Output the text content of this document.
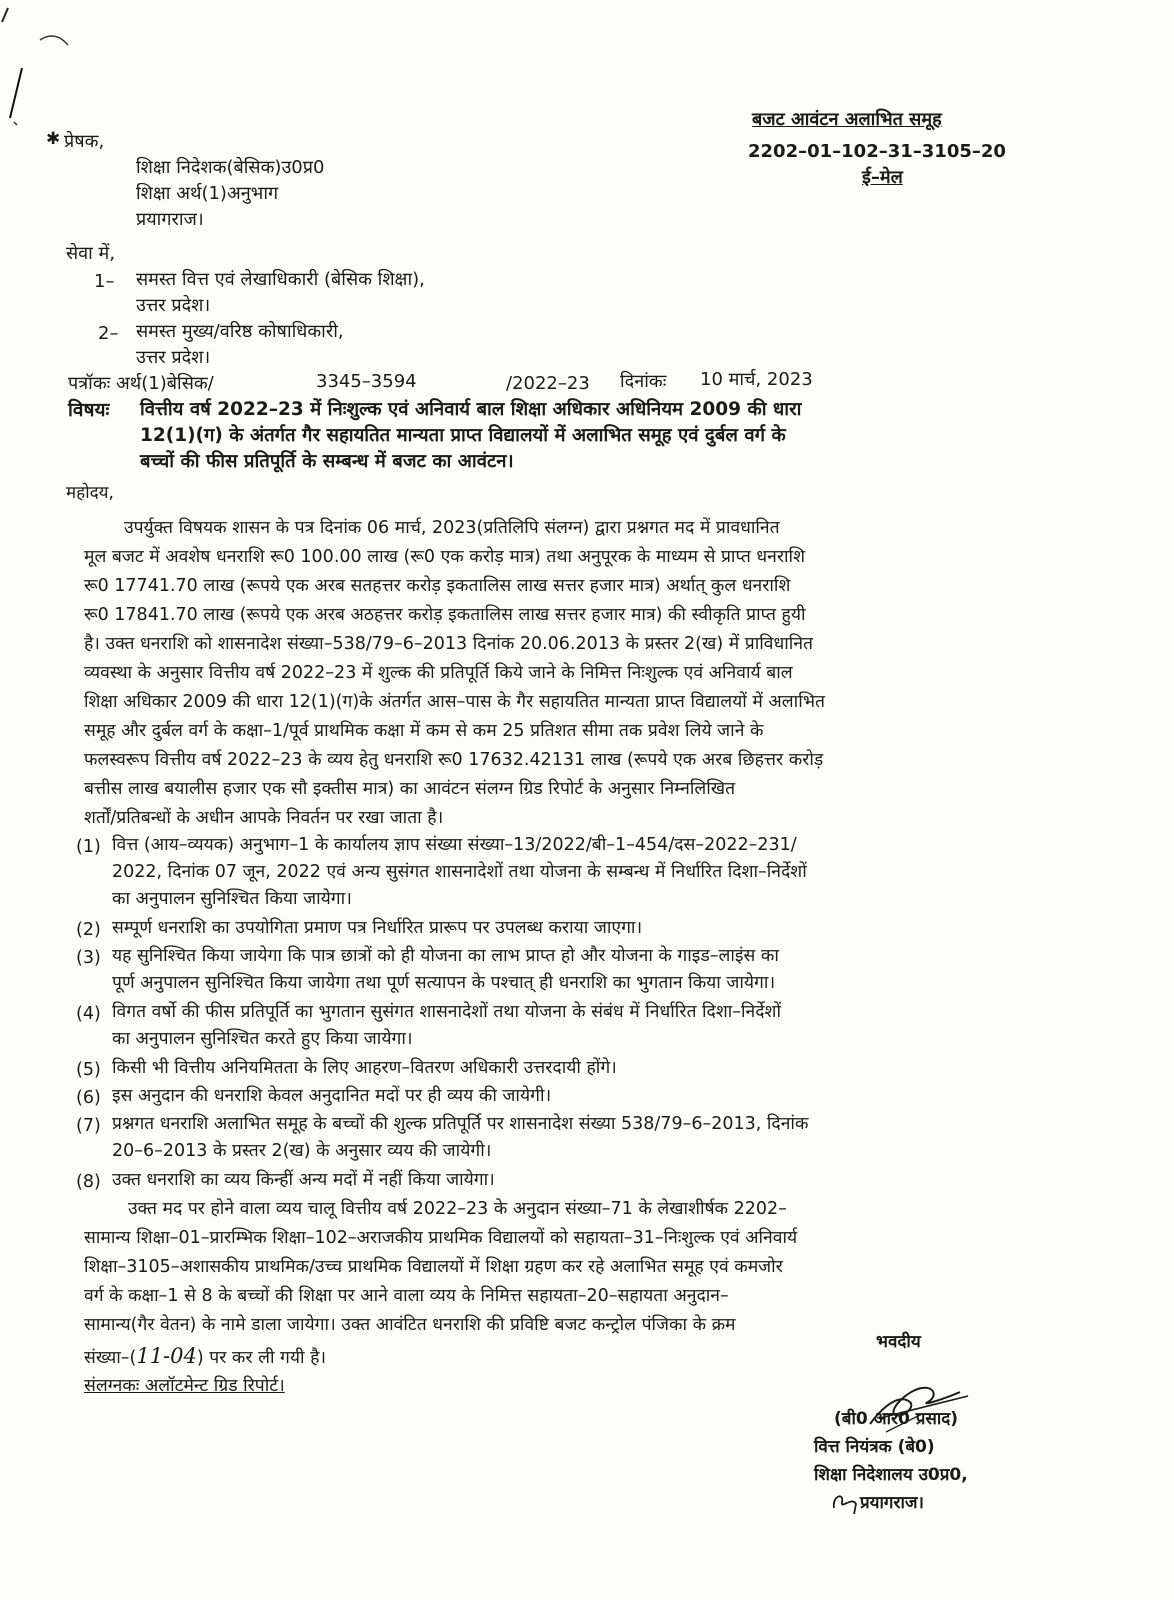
बजट आवंटन अलाभित समूह
2202–01–102–31–3105–20
ई–मेल
✱ प्रेषक,
शिक्षा निदेशक(बेसिक)उ0प्र0
शिक्षा अर्थ(1)अनुभाग
प्रयागराज।
सेवा में,
1– समस्त वित्त एवं लेखाधिकारी (बेसिक शिक्षा),
उत्तर प्रदेश।
2– समस्त मुख्य/वरिष्ठ कोषाधिकारी,
उत्तर प्रदेश।
पत्रॉकः अर्थ(1)बेसिक/	3345–3594	/2022–23 दिनांकः 10 मार्च, 2023
विषयः वित्तीय वर्ष 2022–23 में निःशुल्क एवं अनिवार्य बाल शिक्षा अधिकार अधिनियम 2009 की धारा
12(1)(ग) के अंतर्गत गैर सहायतित मान्यता प्राप्त विद्यालयों में अलाभित समूह एवं दुर्बल वर्ग के
बच्चों की फीस प्रतिपूर्ति के सम्बन्ध में बजट का आवंटन।
महोदय,
उपर्युक्त विषयक शासन के पत्र दिनांक 06 मार्च, 2023(प्रतिलिपि संलग्न) द्वारा प्रश्नगत मद में प्रावधानित
मूल बजट में अवशेष धनराशि रू0 100.00 लाख (रू0 एक करोड़ मात्र) तथा अनुपूरक के माध्यम से प्राप्त धनराशि
रू0 17741.70 लाख (रूपये एक अरब सतहत्तर करोड़ इकतालिस लाख सत्तर हजार मात्र) अर्थात् कुल धनराशि
रू0 17841.70 लाख (रूपये एक अरब अठहत्तर करोड़ इकतालिस लाख सत्तर हजार मात्र) की स्वीकृति प्राप्त हुयी
है। उक्त धनराशि को शासनादेश संख्या–538/79–6–2013 दिनांक 20.06.2013 के प्रस्तर 2(ख) में प्राविधानित
व्यवस्था के अनुसार वित्तीय वर्ष 2022–23 में शुल्क की प्रतिपूर्ति किये जाने के निमित्त निःशुल्क एवं अनिवार्य बाल
शिक्षा अधिकार 2009 की धारा 12(1)(ग)के अंतर्गत आस–पास के गैर सहायतित मान्यता प्राप्त विद्यालयों में अलाभित
समूह और दुर्बल वर्ग के कक्षा–1/पूर्व प्राथमिक कक्षा में कम से कम 25 प्रतिशत सीमा तक प्रवेश लिये जाने के
फलस्वरूप वित्तीय वर्ष 2022–23 के व्यय हेतु धनराशि रू0 17632.42131 लाख (रूपये एक अरब छिहत्तर करोड़
बत्तीस लाख बयालीस हजार एक सौ इक्तीस मात्र) का आवंटन संलग्न ग्रिड रिपोर्ट के अनुसार निम्नलिखित
शर्तों/प्रतिबन्धों के अधीन आपके निवर्तन पर रखा जाता है।
(1) वित्त (आय–व्ययक) अनुभाग–1 के कार्यालय ज्ञाप संख्या संख्या–13/2022/बी–1–454/दस–2022–231/
2022, दिनांक 07 जून, 2022 एवं अन्य सुसंगत शासनादेशों तथा योजना के सम्बन्ध में निर्धारित दिशा–निर्देशों
का अनुपालन सुनिश्चित किया जायेगा।
(2) सम्पूर्ण धनराशि का उपयोगिता प्रमाण पत्र निर्धारित प्रारूप पर उपलब्ध कराया जाएगा।
(3) यह सुनिश्चित किया जायेगा कि पात्र छात्रों को ही योजना का लाभ प्राप्त हो और योजना के गाइड–लाइंस का
पूर्ण अनुपालन सुनिश्चित किया जायेगा तथा पूर्ण सत्यापन के पश्चात् ही धनराशि का भुगतान किया जायेगा।
(4) विगत वर्षो की फीस प्रतिपूर्ति का भुगतान सुसंगत शासनादेशों तथा योजना के संबंध में निर्धारित दिशा–निर्देशों
का अनुपालन सुनिश्चित करते हुए किया जायेगा।
(5) किसी भी वित्तीय अनियमितता के लिए आहरण–वितरण अधिकारी उत्तरदायी होंगे।
(6) इस अनुदान की धनराशि केवल अनुदानित मदों पर ही व्यय की जायेगी।
(7) प्रश्नगत धनराशि अलाभित समूह के बच्चों की शुल्क प्रतिपूर्ति पर शासनादेश संख्या 538/79–6–2013, दिनांक
20–6–2013 के प्रस्तर 2(ख) के अनुसार व्यय की जायेगी।
(8) उक्त धनराशि का व्यय किन्हीं अन्य मदों में नहीं किया जायेगा।
उक्त मद पर होने वाला व्यय चालू वित्तीय वर्ष 2022–23 के अनुदान संख्या–71 के लेखाशीर्षक 2202–
सामान्य शिक्षा–01–प्रारम्भिक शिक्षा–102–अराजकीय प्राथमिक विद्यालयों को सहायता–31–निःशुल्क एवं अनिवार्य
शिक्षा–3105–अशासकीय प्राथमिक/उच्च प्राथमिक विद्यालयों में शिक्षा ग्रहण कर रहे अलाभित समूह एवं कमजोर
वर्ग के कक्षा–1 से 8 के बच्चों की शिक्षा पर आने वाला व्यय के निमित्त सहायता–20–सहायता अनुदान–
सामान्य(गैर वेतन) के नामे डाला जायेगा। उक्त आवंटित धनराशि की प्रविष्टि बजट कन्ट्रोल पंजिका के क्रम
संख्या–(11-04) पर कर ली गयी है।
संलग्नकः अलॉटमेन्ट ग्रिड रिपोर्ट।
भवदीय
(बी0 आर0 प्रसाद)
वित्त नियंत्रक (बे0)
शिक्षा निदेशालय उ0प्र0,
प्रयागराज।
